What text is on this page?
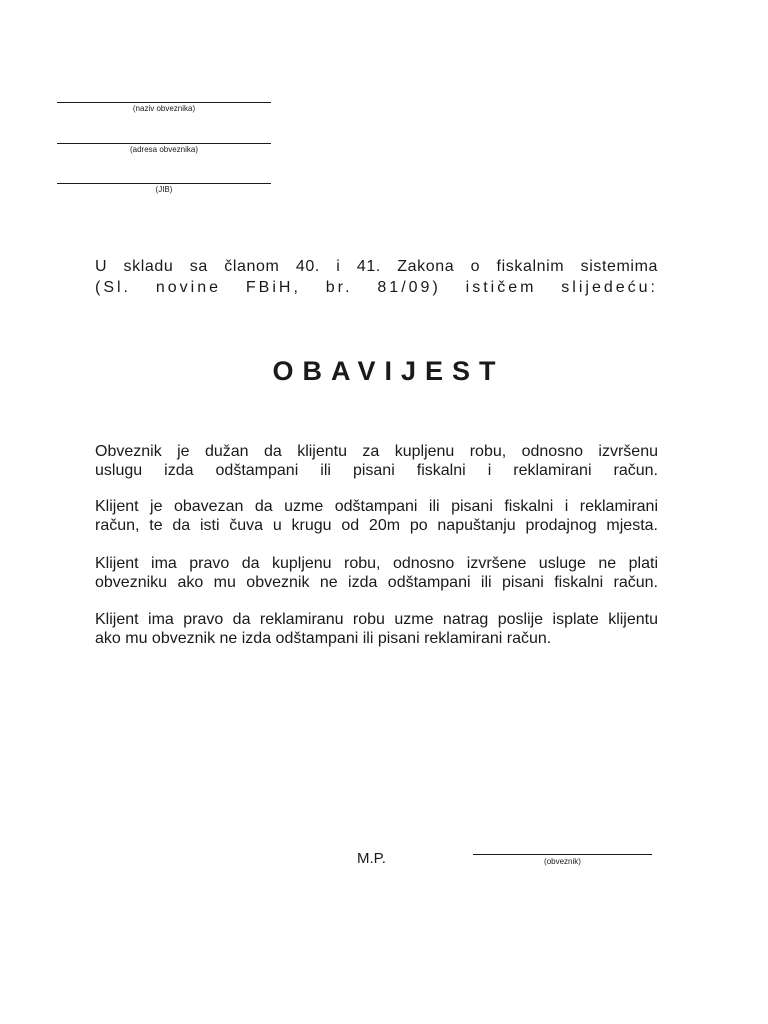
(naziv obveznika)
(adresa obveznika)
(JIB)
U skladu sa članom 40. i 41. Zakona o fiskalnim sistemima
(Sl. novine FBiH, br. 81/09) ističem slijedeću:
OBAVIJEST

Obveznik je dužan da klijentu za kupljenu robu, odnosno izvršenu
uslugu izda odštampani ili pisani fiskalni i reklamirani račun.

Klijent je obavezan da uzme odštampani ili pisani fiskalni i reklamirani
račun, te da isti čuva u krugu od 20m po napuštanju prodajnog mjesta.

Klijent ima pravo da kupljenu robu, odnosno izvršene usluge ne plati
obvezniku ako mu obveznik ne izda odštampani ili pisani fiskalni račun.

Klijent ima pravo da reklamiranu robu uzme natrag poslije isplate klijentu
ako mu obveznik ne izda odštampani ili pisani reklamirani račun.

M.P.	(obveznik)
